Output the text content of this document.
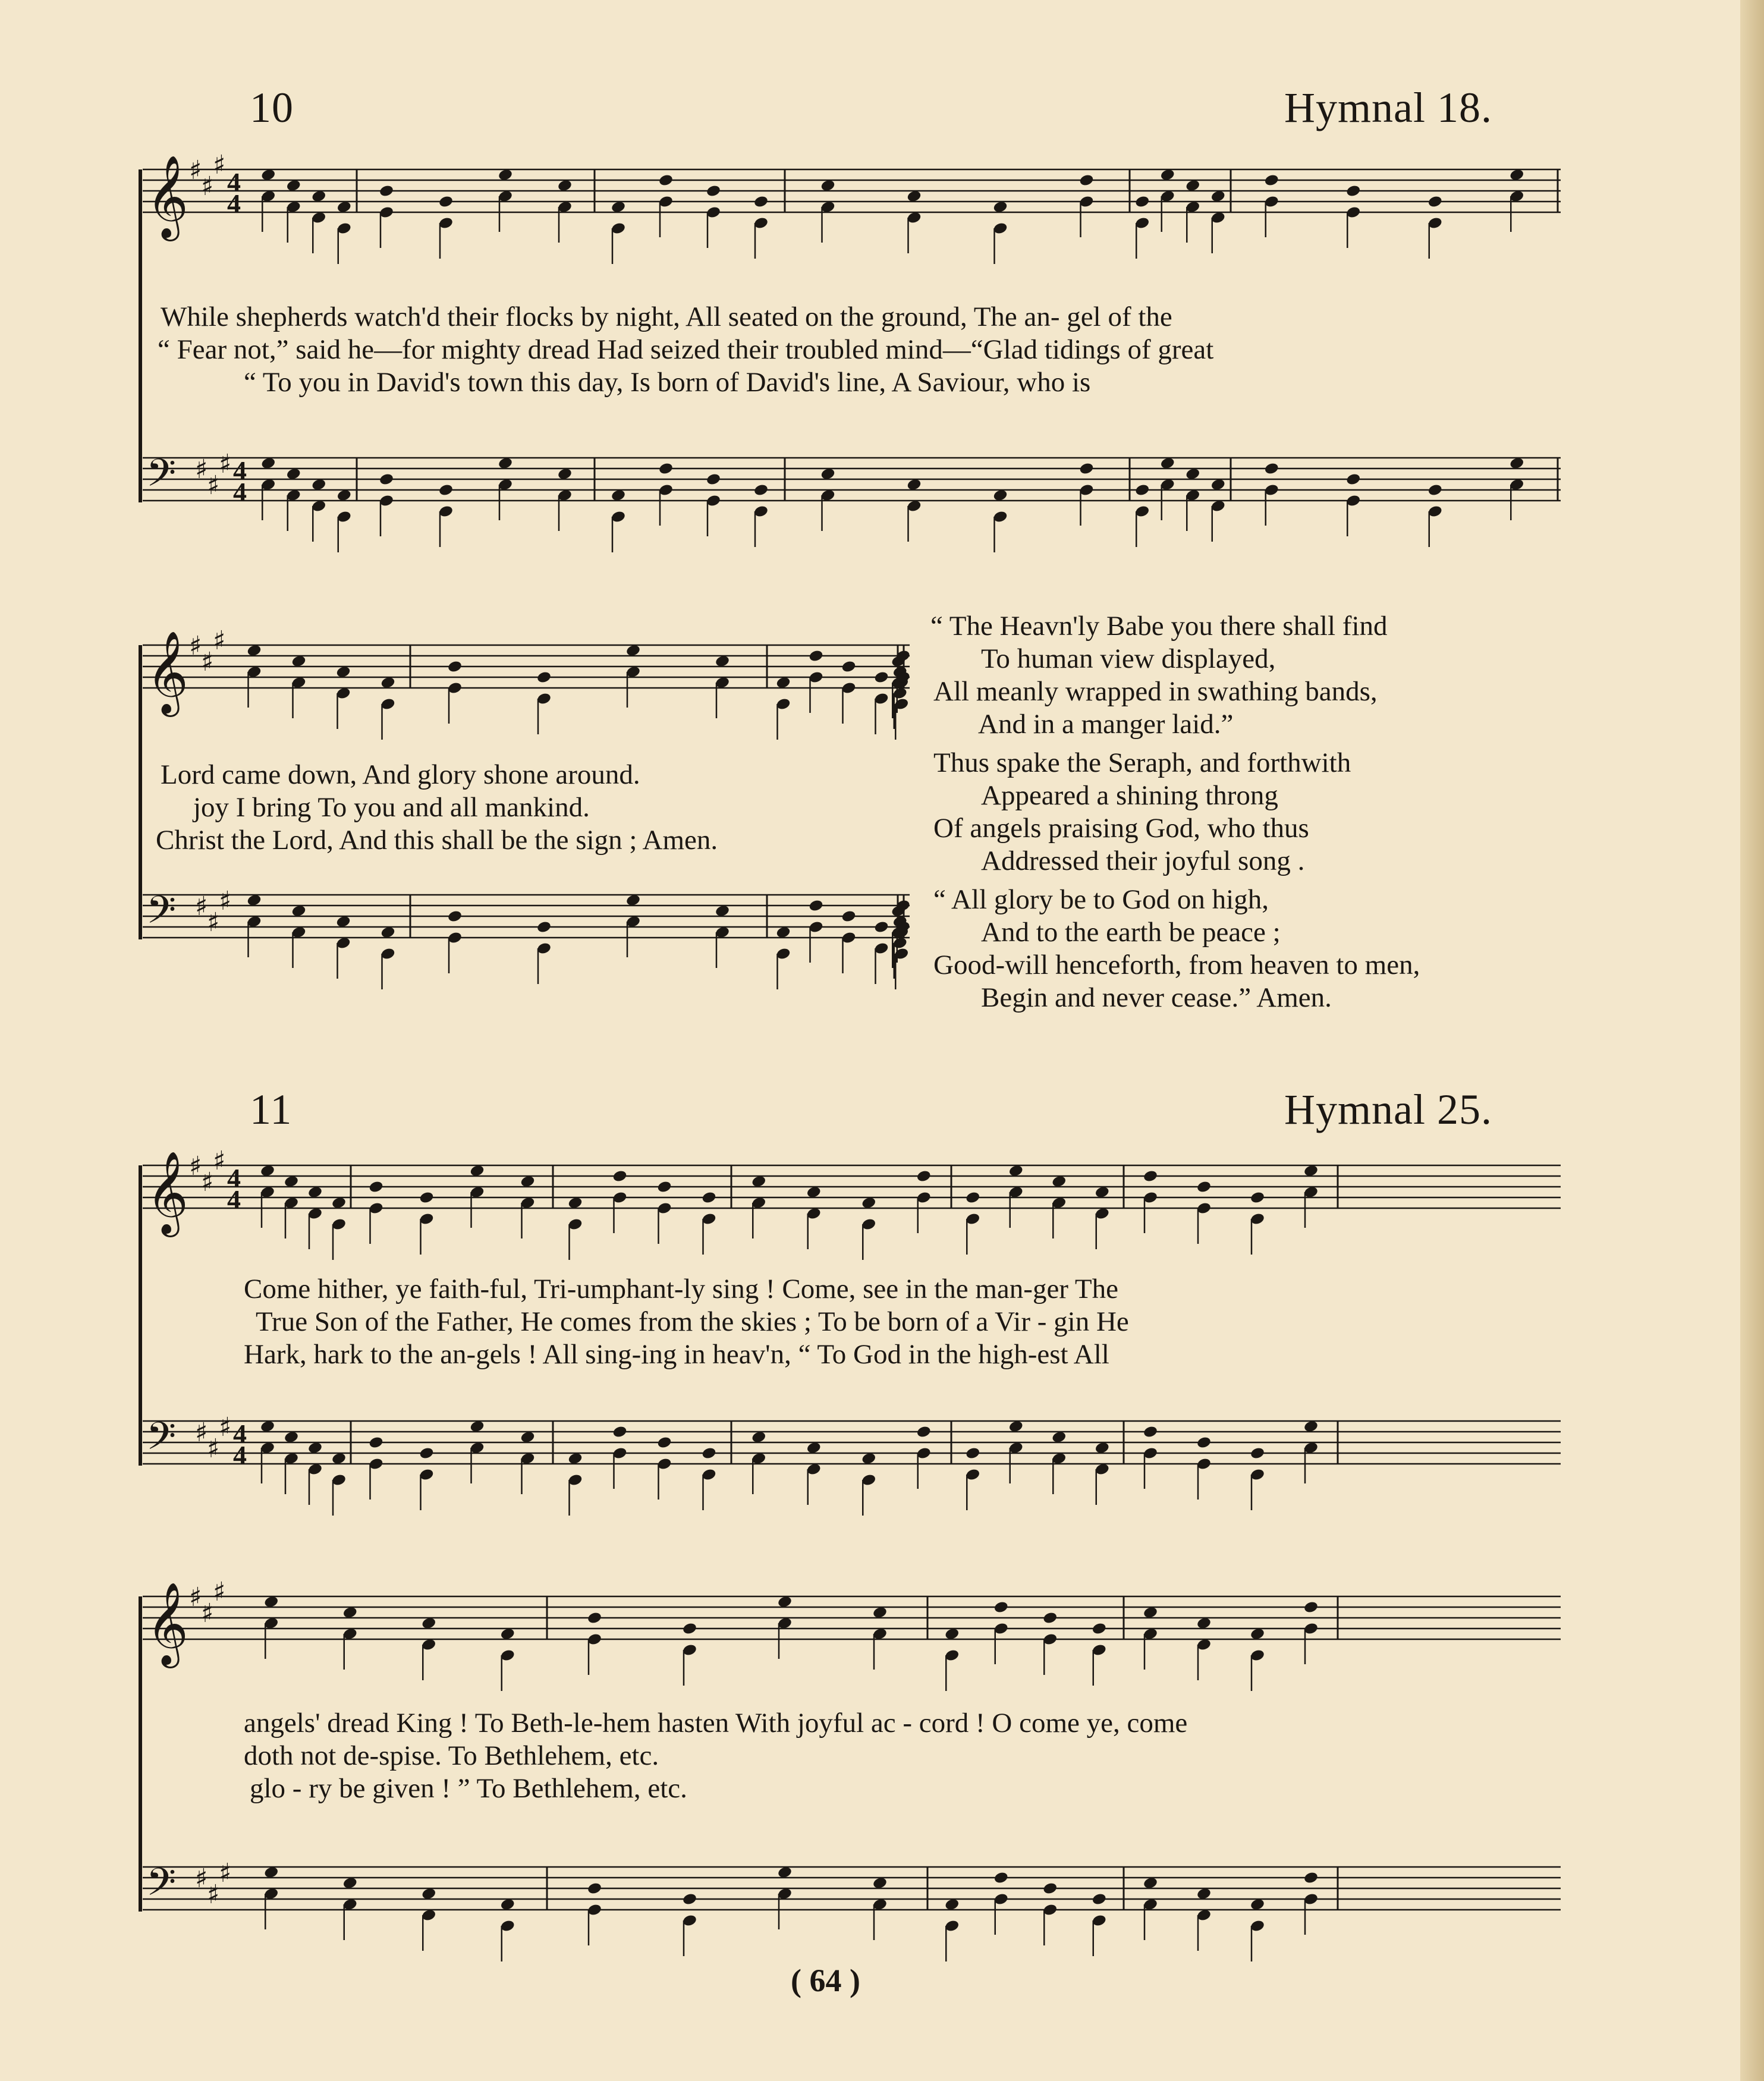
10	Hymnal 18.
While shepherds watch'd their flocks by night, All seated on the ground, The an- gel of the
“ Fear not,” said he—for mighty dread Had seized their troubled mind—“Glad tidings of great
“ To you in David's town this day, Is born of David's line, A Saviour, who is
Lord came down, And glory shone around.
joy I bring To you and all mankind.
Christ the Lord, And this shall be the sign ; Amen.
“ The Heavn'ly Babe you there shall find
To human view displayed,
All meanly wrapped in swathing bands,
And in a manger laid.”
Thus spake the Seraph, and forthwith
Appeared a shining throng
Of angels praising God, who thus
Addressed their joyful song .
“ All glory be to God on high,
And to the earth be peace ;
Good-will henceforth, from heaven to men,
Begin and never cease.” Amen.
11	Hymnal 25.
Come hither, ye faith-ful, Tri-umphant-ly sing ! Come, see in the man-ger The
True Son of the Father, He comes from the skies ; To be born of a Vir - gin He
Hark, hark to the an-gels ! All sing-ing in heav'n, “ To God in the high-est All
angels' dread King ! To Beth-le-hem hasten With joyful ac - cord ! O come ye, come
doth not de-spise. To Bethlehem, etc.
glo - ry be given ! ” To Bethlehem, etc.
( 64 )
𝄞 ♯
♯
♯
4
4
𝄢 ♯
♯
♯ 4
4
𝄞 ♯
♯
♯
𝄢 ♯
♯
♯
𝄞 ♯
♯
♯
4
4
𝄢 ♯
♯
♯ 4
4
𝄞 ♯
♯
♯
𝄢 ♯
♯
♯
